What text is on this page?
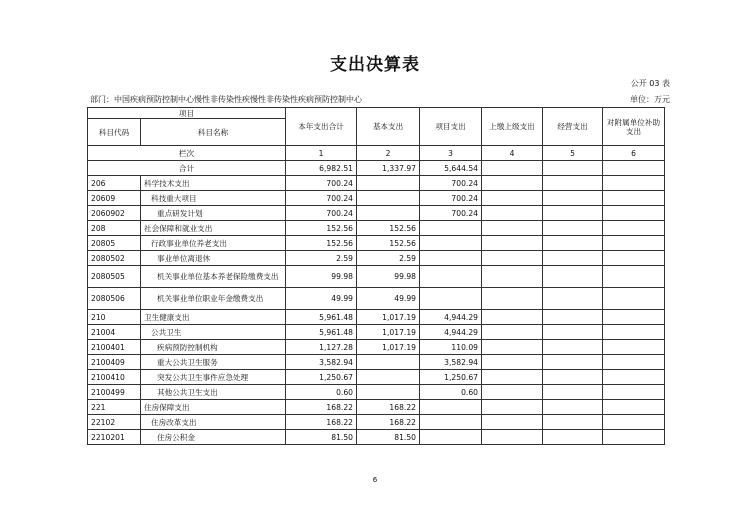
支出决算表
公开 03 表
部门：中国疾病预防控制中心慢性非传染性疾慢性非传染性疾病预防控制中心	单位：万元
项目		本年支出合计	基本支出	项目支出	上缴上级支出	经营支出	对附属单位补助支出
科目代码	科目名称						
栏次		1	2	3	4	5	6
合计		6,982.51	1,337.97	5,644.54			
206	科学技术支出	700.24		700.24			
20609	科技重大项目	700.24		700.24			
2060902	重点研发计划	700.24		700.24			
208	社会保障和就业支出	152.56	152.56				
20805	行政事业单位养老支出	152.56	152.56				
2080502	事业单位离退休	2.59	2.59				
2080505	机关事业单位基本养老保险缴费支出	99.98	99.98				
2080506	机关事业单位职业年金缴费支出	49.99	49.99				
210	卫生健康支出	5,961.48	1,017.19	4,944.29			
21004	公共卫生	5,961.48	1,017.19	4,944.29			
2100401	疾病预防控制机构	1,127.28	1,017.19	110.09			
2100409	重大公共卫生服务	3,582.94		3,582.94			
2100410	突发公共卫生事件应急处理	1,250.67		1,250.67			
2100499	其他公共卫生支出	0.60		0.60			
221	住房保障支出	168.22	168.22				
22102	住房改革支出	168.22	168.22				
2210201	住房公积金	81.50	81.50				
6
